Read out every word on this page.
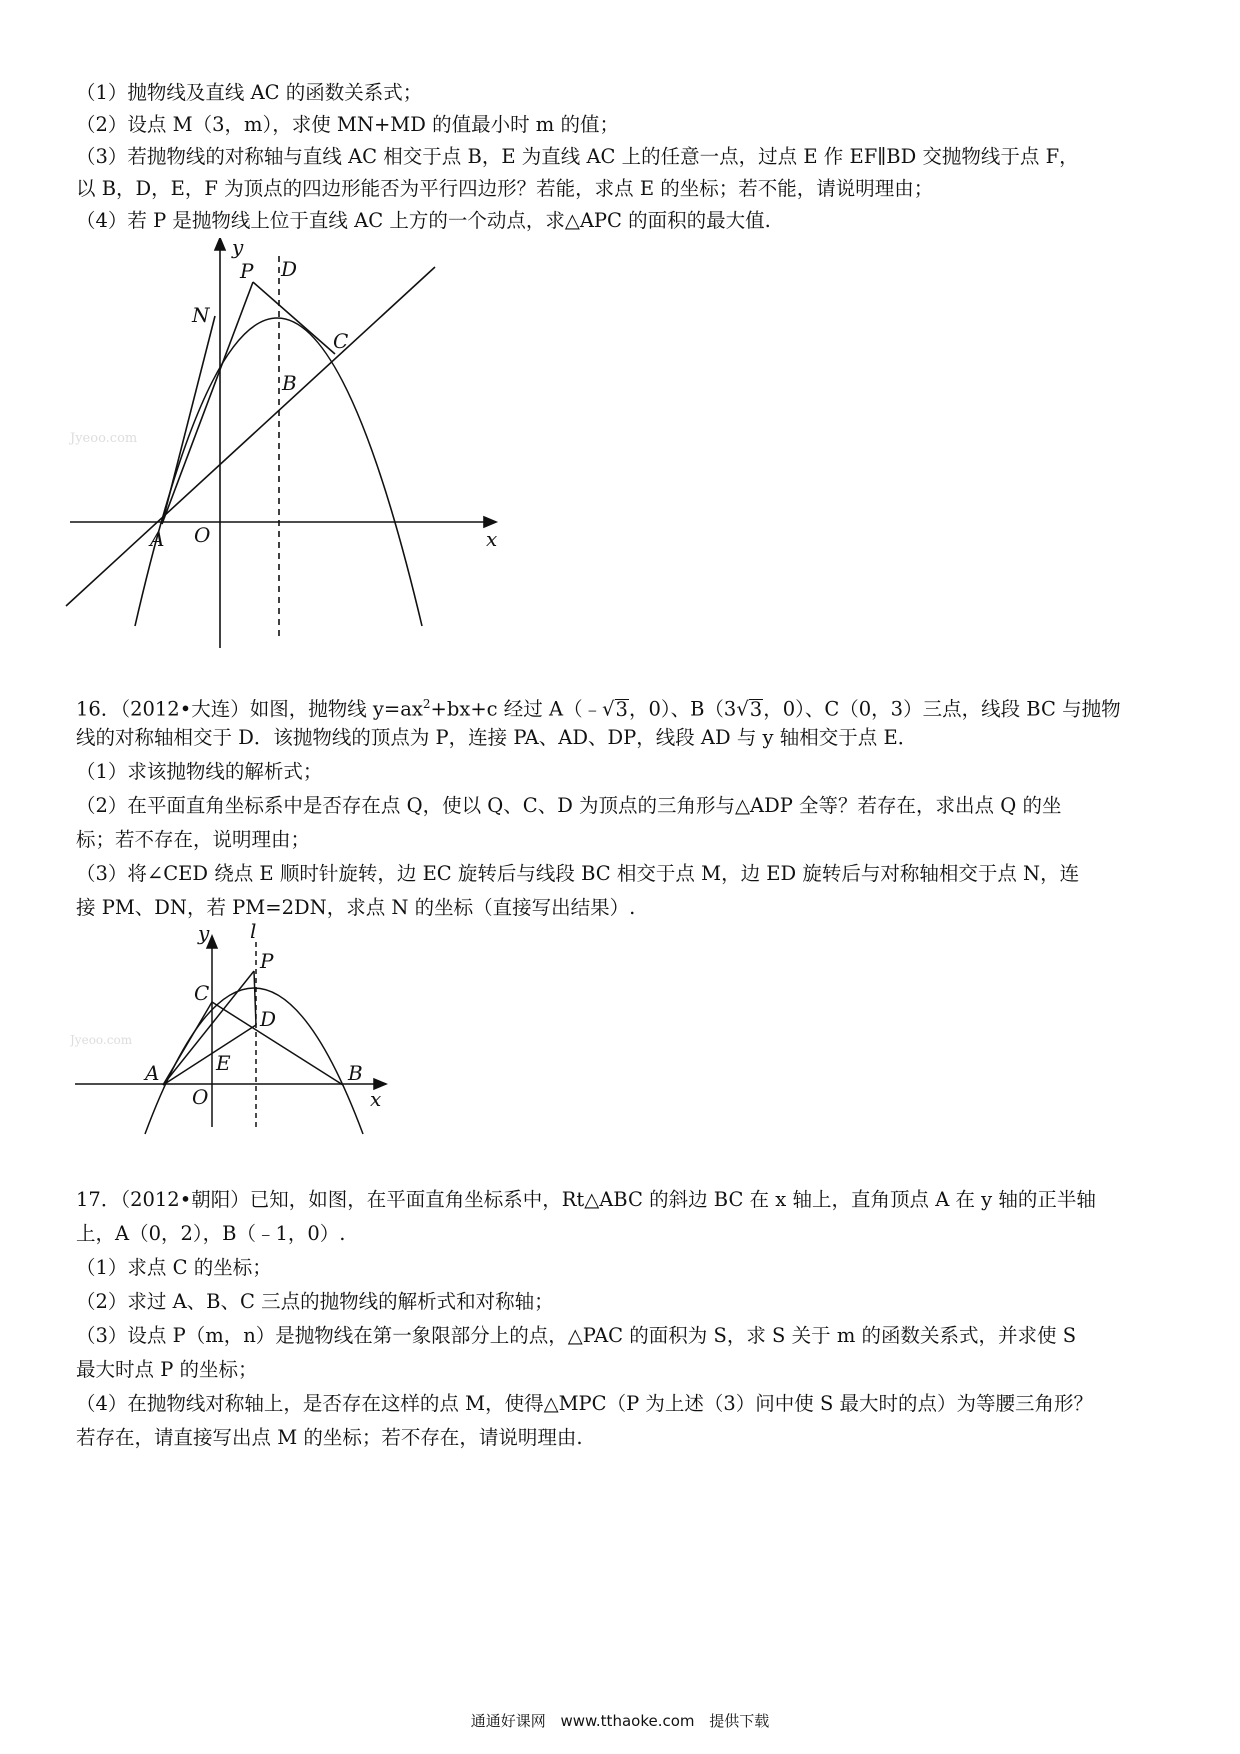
（1）抛物线及直线 AC 的函数关系式；
（2）设点 M（3，m），求使 MN+MD 的值最小时 m 的值；
（3）若抛物线的对称轴与直线 AC 相交于点 B，E 为直线 AC 上的任意一点，过点 E 作 EF∥BD 交抛物线于点 F，
以 B，D，E，F 为顶点的四边形能否为平行四边形？若能，求点 E 的坐标；若不能，请说明理由；
（4）若 P 是抛物线上位于直线 AC 上方的一个动点，求△APC 的面积的最大值.
y
P D
N
C
B
Jyeoo.com
A O	x
16．（2012•大连）如图，抛物线 $y=ax^2+bx+c$ 经过 A（﹣√3，0）、B（3√3，0）、C（0，3）三点，线段 BC 与抛物
线的对称轴相交于 D．该抛物线的顶点为 P，连接 PA、AD、DP，线段 AD 与 y 轴相交于点 E．
（1）求该抛物线的解析式；
（2）在平面直角坐标系中是否存在点 Q，使以 Q、C、D 为顶点的三角形与△ADP 全等？若存在，求出点 Q 的坐
标；若不存在，说明理由；
（3）将∠CED 绕点 E 顺时针旋转，边 EC 旋转后与线段 BC 相交于点 M，边 ED 旋转后与对称轴相交于点 N，连
接 PM、DN，若 PM=2DN，求点 N 的坐标（直接写出结果）.
y l
P
C
D
Jyeoo.com
E
A	B
O	x
17．（2012•朝阳）已知，如图，在平面直角坐标系中，Rt△ABC 的斜边 BC 在 x 轴上，直角顶点 A 在 y 轴的正半轴
上，A（0，2），B（﹣1，0）.
（1）求点 C 的坐标；
（2）求过 A、B、C 三点的抛物线的解析式和对称轴；
（3）设点 P（m，n）是抛物线在第一象限部分上的点，△PAC 的面积为 S，求 S 关于 m 的函数关系式，并求使 S
最大时点 P 的坐标；
（4）在抛物线对称轴上，是否存在这样的点 M，使得△MPC（P 为上述（3）问中使 S 最大时的点）为等腰三角形？
若存在，请直接写出点 M 的坐标；若不存在，请说明理由.
通通好课网 www.tthaoke.com 提供下载
